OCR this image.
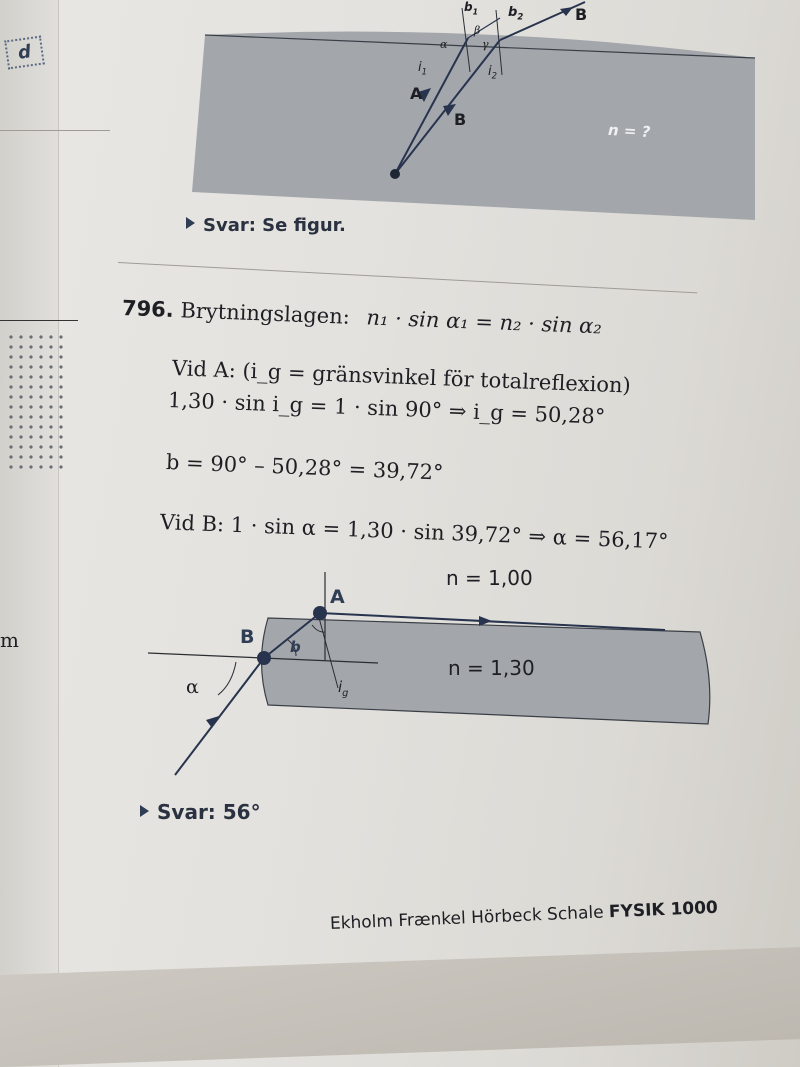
d
m
$b_1$ $b_2$	B
β
α	γ
$i_1$	$i_2$
A
B
n = ?
Svar: Se figur.
796. Brytningslagen: n₁ · sin α₁ = n₂ · sin α₂
Vid A: (i_g = gränsvinkel för totalreflexion)
1,30 · sin i_g = 1 · sin 90° ⇒ i_g = 50,28°
b = 90° – 50,28° = 39,72°
Vid B: 1 · sin α = 1,30 · sin 39,72° ⇒ α = 56,17°
n = 1,00
A
B b
n = 1,30
$i_g$
α
Svar: 56°
Ekholm Frænkel Hörbeck Schale FYSIK 1000
